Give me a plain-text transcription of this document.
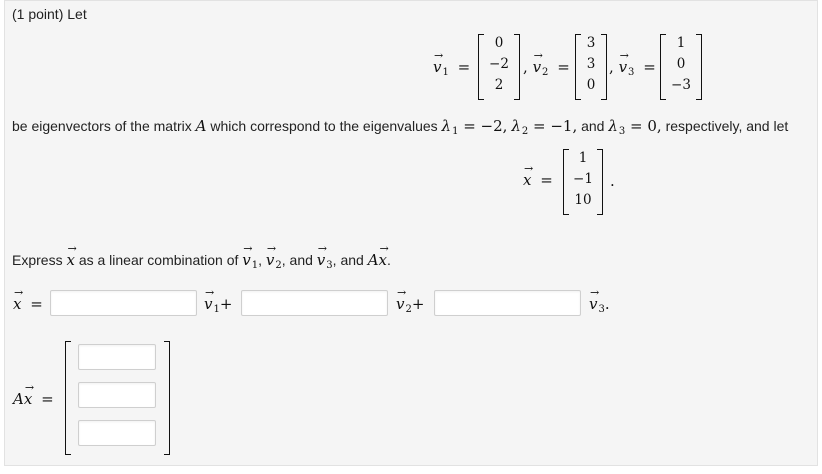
(1 point) Let
→
$v_1$ =
0
−2
2
,
→
$v_2$ =
3
3
0
,
→
$v_3$ =
1
0
−3
be eigenvectors of the matrix A which correspond to the eigenvalues $\lambda_1 = -2$, $\lambda_2 = -1$, and $\lambda_3 = 0$, respectively, and let
→
x =
1
−1
10
.
Express
→
x as a linear combination of
→
$v_1$,
→
$v_2$, and
→
$v_3$, and A
→
x.
→
x =
→
$v_1+$
→
$v_2+$
→
$v_3$.
A
→
x =
